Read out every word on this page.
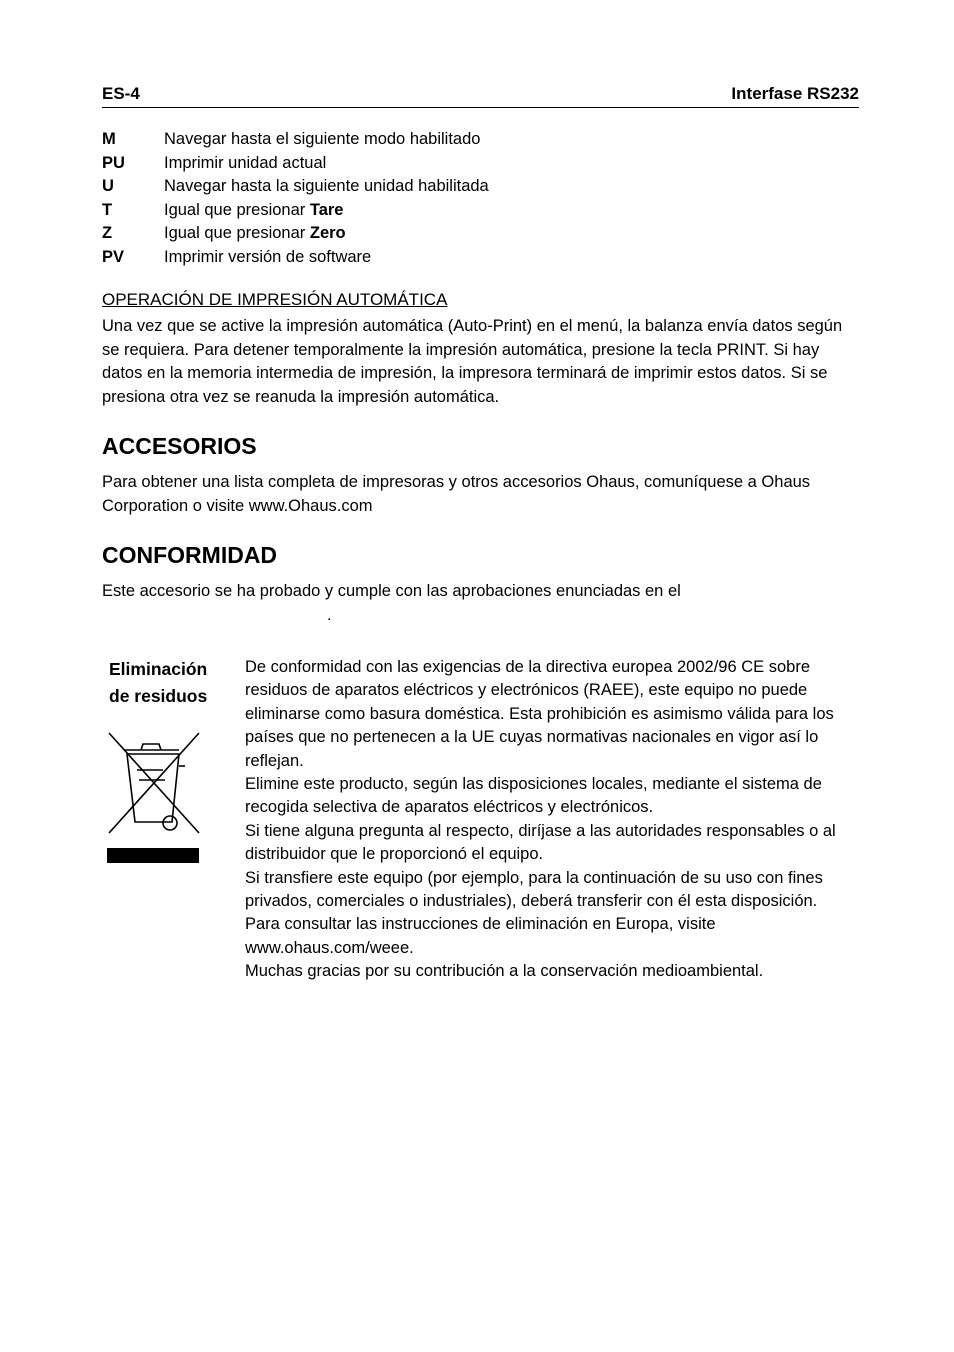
ES-4	Interfase RS232
M	Navegar hasta el siguiente modo habilitado
PU Imprimir unidad actual
U	Navegar hasta la siguiente unidad habilitada
T	Igual que presionar Tare
Z	Igual que presionar Zero
PV Imprimir versión de software
OPERACIÓN DE IMPRESIÓN AUTOMÁTICA
Una vez que se active la impresión automática (Auto-Print) en el menú, la balanza envía datos según
se requiera. Para detener temporalmente la impresión automática, presione la tecla PRINT. Si hay
datos en la memoria intermedia de impresión, la impresora terminará de imprimir estos datos. Si se
presiona otra vez se reanuda la impresión automática.
ACCESORIOS
Para obtener una lista completa de impresoras y otros accesorios Ohaus, comuníquese a Ohaus
Corporation o visite www.Ohaus.com
CONFORMIDAD
Este accesorio se ha probado y cumple con las aprobaciones enunciadas en el
.
Eliminación
de residuos
De conformidad con las exigencias de la directiva europea 2002/96 CE sobre
residuos de aparatos eléctricos y electrónicos (RAEE), este equipo no puede
eliminarse como basura doméstica. Esta prohibición es asimismo válida para los
países que no pertenecen a la UE cuyas normativas nacionales en vigor así lo
reflejan.
Elimine este producto, según las disposiciones locales, mediante el sistema de
recogida selectiva de aparatos eléctricos y electrónicos.
Si tiene alguna pregunta al respecto, diríjase a las autoridades responsables o al
distribuidor que le proporcionó el equipo.
Si transfiere este equipo (por ejemplo, para la continuación de su uso con fines
privados, comerciales o industriales), deberá transferir con él esta disposición.
Para consultar las instrucciones de eliminación en Europa, visite
www.ohaus.com/weee.
Muchas gracias por su contribución a la conservación medioambiental.
